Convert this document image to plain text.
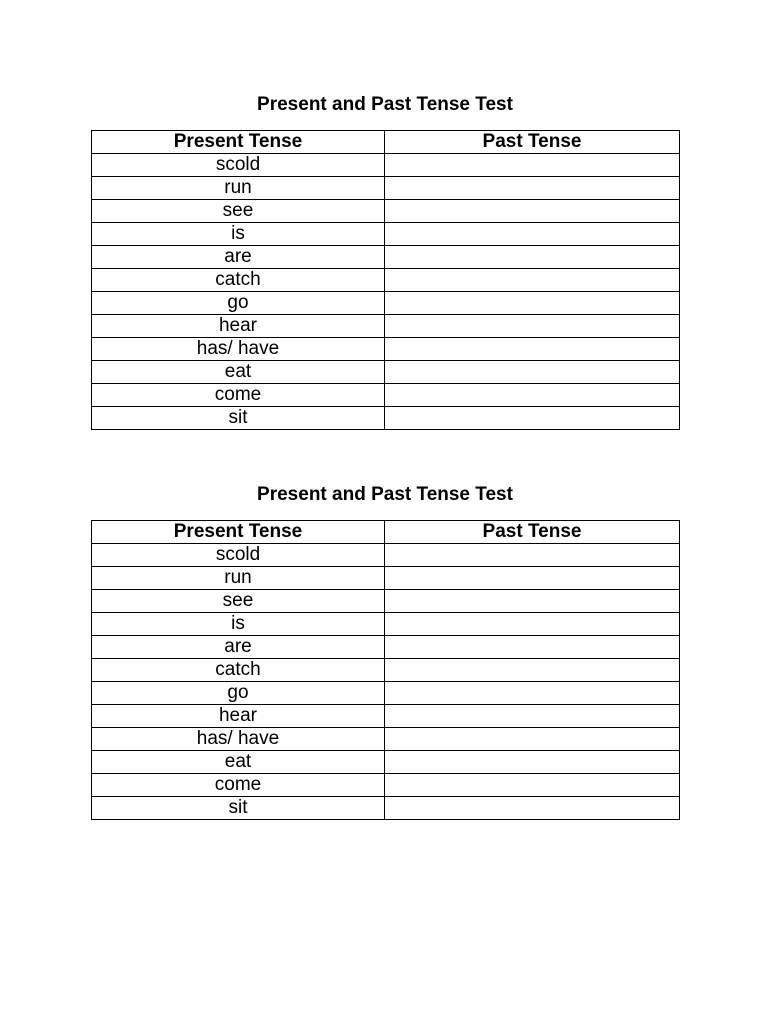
Present and Past Tense Test
Present Tense	Past Tense
scold	
run	
see	
is	
are	
catch	
go	
hear	
has/ have	
eat	
come	
sit	
Present and Past Tense Test
Present Tense	Past Tense
scold	
run	
see	
is	
are	
catch	
go	
hear	
has/ have	
eat	
come	
sit	
